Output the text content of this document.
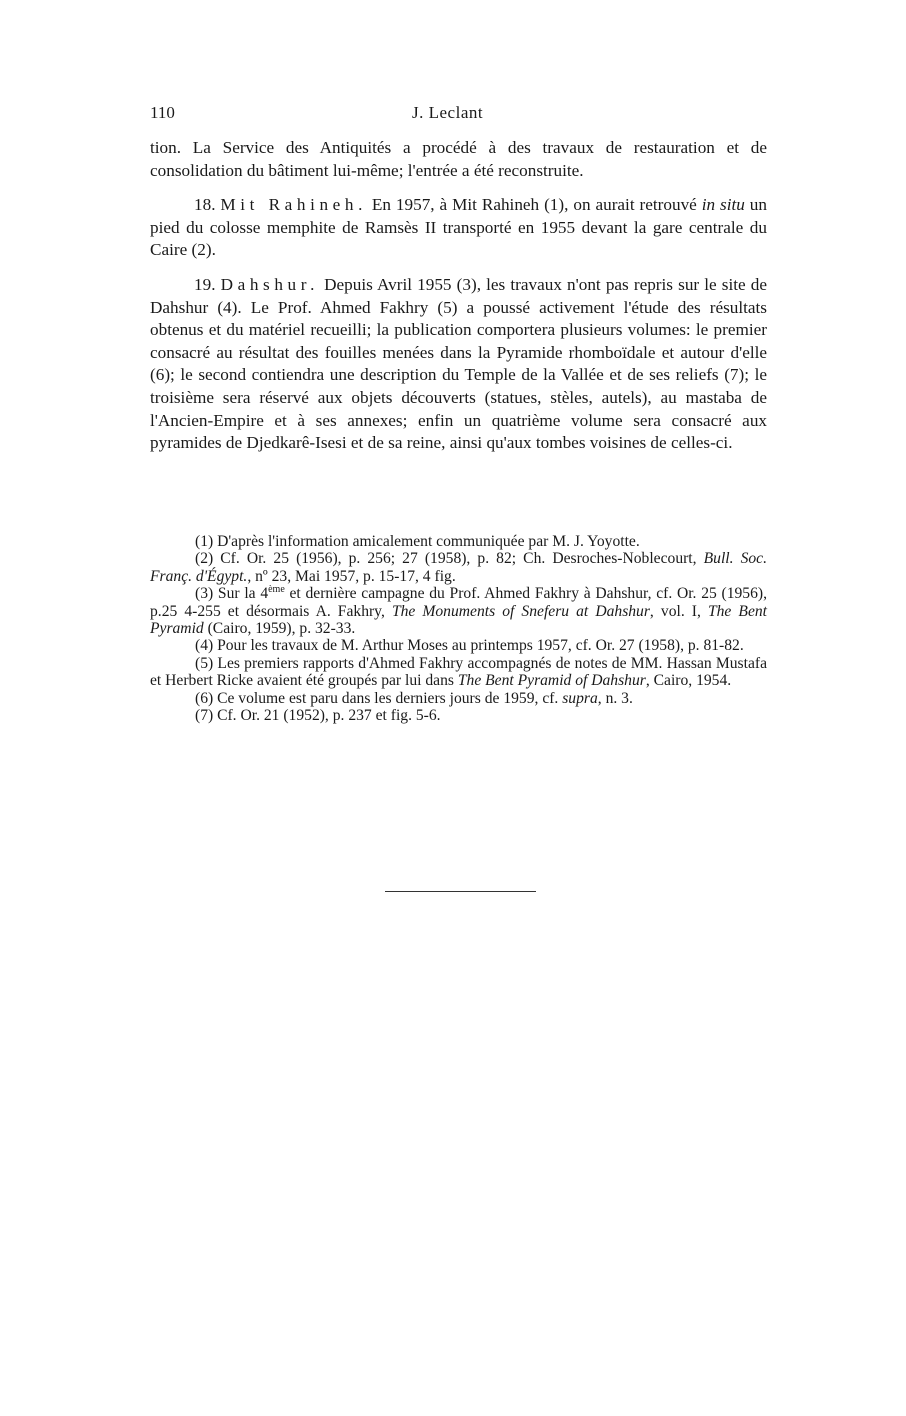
110	J. Leclant

tion. La Service des Antiquités a procédé à des travaux de restauration et de consolidation du bâtiment lui-même; l'entrée a été reconstruite.

18. Mit Rahineh. En 1957, à Mit Rahineh (1), on aurait retrouvé in situ un pied du colosse memphite de Ramsès II transporté en 1955 devant la gare centrale du Caire (2).

19. Dahshur. Depuis Avril 1955 (3), les travaux n'ont pas repris sur le site de Dahshur (4). Le Prof. Ahmed Fakhry (5) a poussé activement l'étude des résultats obtenus et du matériel recueilli; la publication comportera plusieurs volumes: le premier consacré au résultat des fouilles menées dans la Pyramide rhomboïdale et autour d'elle (6); le second contiendra une description du Temple de la Vallée et de ses reliefs (7); le troisième sera réservé aux objets découverts (statues, stèles, autels), au mastaba de l'Ancien-Empire et à ses annexes; enfin un quatrième volume sera consacré aux pyramides de Djedkarê-Isesi et de sa reine, ainsi qu'aux tombes voisines de celles-ci.

(1) D'après l'information amicalement communiquée par M. J. Yoyotte.

(2) Cf. Or. 25 (1956), p. 256; 27 (1958), p. 82; Ch. Desroches-Noblecourt, Bull. Soc. Franç. d'Égypt., nº 23, Mai 1957, p. 15-17, 4 fig.

(3) Sur la 4ème et dernière campagne du Prof. Ahmed Fakhry à Dahshur, cf. Or. 25 (1956), p.25 4-255 et désormais A. Fakhry, The Monuments of Sneferu at Dahshur, vol. I, The Bent Pyramid (Cairo, 1959), p. 32-33.

(4) Pour les travaux de M. Arthur Moses au printemps 1957, cf. Or. 27 (1958), p. 81-82.

(5) Les premiers rapports d'Ahmed Fakhry accompagnés de notes de MM. Hassan Mustafa et Herbert Ricke avaient été groupés par lui dans The Bent Pyramid of Dahshur, Cairo, 1954.

(6) Ce volume est paru dans les derniers jours de 1959, cf. supra, n. 3.

(7) Cf. Or. 21 (1952), p. 237 et fig. 5-6.
